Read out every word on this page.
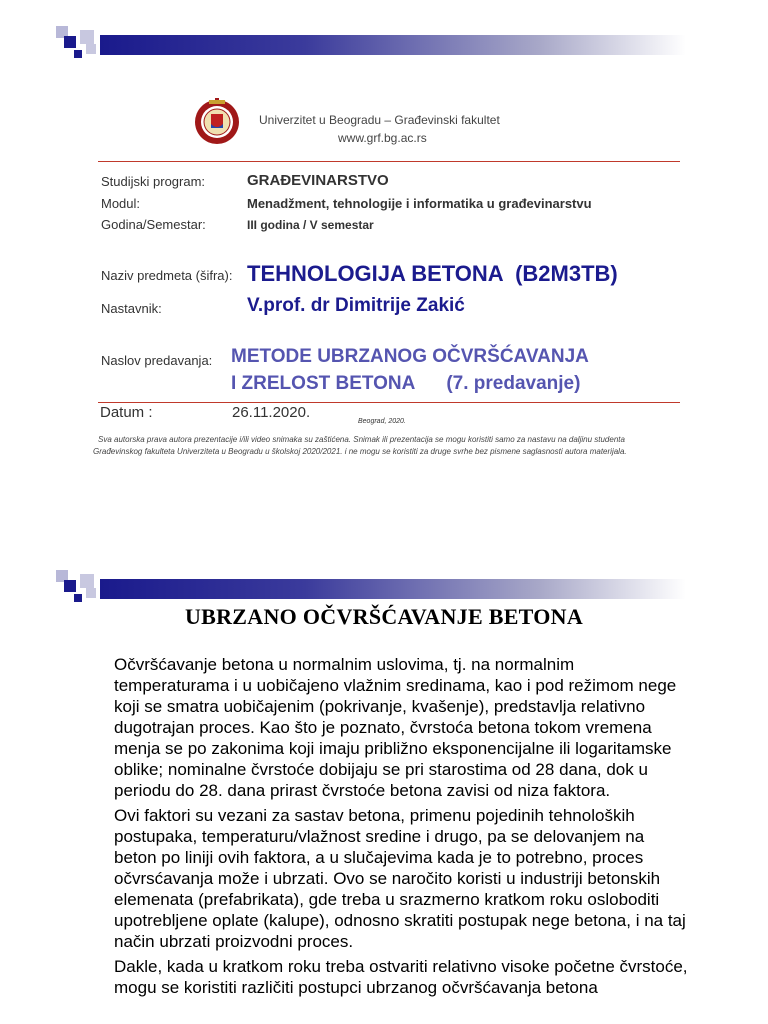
Univerzitet u Beogradu – Građevinski fakultet
www.grf.bg.ac.rs
Studijski program:	GRAĐEVINARSTVO
Modul:	Menadžment, tehnologije i informatika u građevinarstvu
Godina/Semestar:	III godina / V semestar
Naziv predmeta (šifra): TEHNOLOGIJA BETONA  (B2M3TB)
Nastavnik:	V.prof. dr Dimitrije Zakić
Naslov predavanja: METODE UBRZANOG OČVRŠĆAVANJA
I ZRELOST BETONA      (7. predavanje)
Datum :	26.11.2020.
Beograd, 2020.
Sva autorska prava autora prezentacije i/ili video snimaka su zaštićena. Snimak ili prezentacija se mogu koristiti samo za nastavu na daljinu studenta
Građevinskog fakulteta Univerziteta u Beogradu u školskoj 2020/2021. i ne mogu se koristiti za druge svrhe bez pismene saglasnosti autora materijala.
UBRZANO OČVRŠĆAVANJE BETONA

Očvršćavanje betona u normalnim uslovima, tj. na normalnim temperaturama i u uobičajeno vlažnim sredinama, kao i pod režimom nege koji se smatra uobičajenim (pokrivanje, kvašenje), predstavlja relativno dugotrajan proces. Kao što je poznato, čvrstoća betona tokom vremena menja se po zakonima koji imaju približno eksponencijalne ili logaritamske oblike; nominalne čvrstoće dobijaju se pri starostima od 28 dana, dok u periodu do 28. dana prirast čvrstoće betona zavisi od niza faktora.

Ovi faktori su vezani za sastav betona, primenu pojedinih tehnoloških postupaka, temperaturu/vlažnost sredine i drugo, pa se delovanjem na beton po liniji ovih faktora, a u slučajevima kada je to potrebno, proces očvrsćavanja može i ubrzati. Ovo se naročito koristi u industriji betonskih elemenata (prefabrikata), gde treba u srazmerno kratkom roku osloboditi upotrebljene oplate (kalupe), odnosno skratiti postupak nege betona, i na taj način ubrzati proizvodni proces.

Dakle, kada u kratkom roku treba ostvariti relativno visoke početne čvrstoće, mogu se koristiti različiti postupci ubrzanog očvršćavanja betona
